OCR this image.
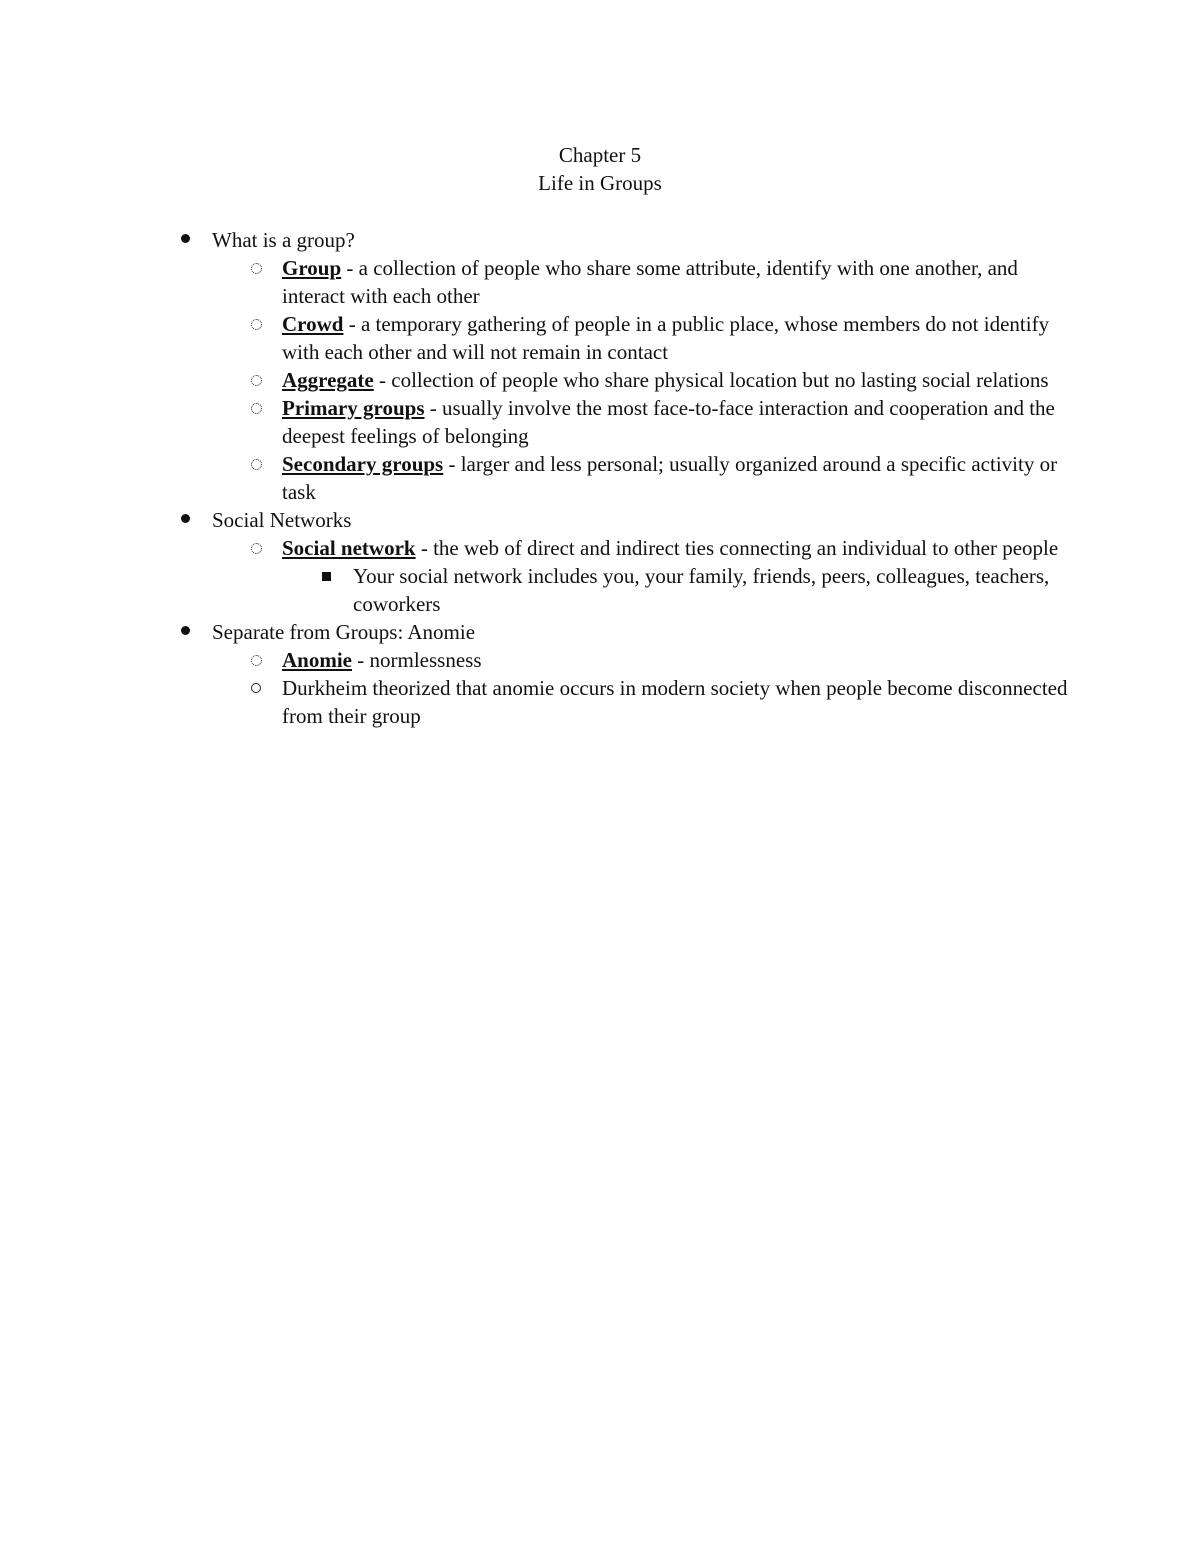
Chapter 5
Life in Groups
What is a group?
Group - a collection of people who share some attribute, identify with one another, and interact with each other
Crowd - a temporary gathering of people in a public place, whose members do not identify with each other and will not remain in contact
Aggregate - collection of people who share physical location but no lasting social relations
Primary groups - usually involve the most face-to-face interaction and cooperation and the deepest feelings of belonging
Secondary groups - larger and less personal; usually organized around a specific activity or task
Social Networks
Social network - the web of direct and indirect ties connecting an individual to other people
Your social network includes you, your family, friends, peers, colleagues, teachers, coworkers
Separate from Groups: Anomie
Anomie - normlessness
Durkheim theorized that anomie occurs in modern society when people become disconnected from their group
